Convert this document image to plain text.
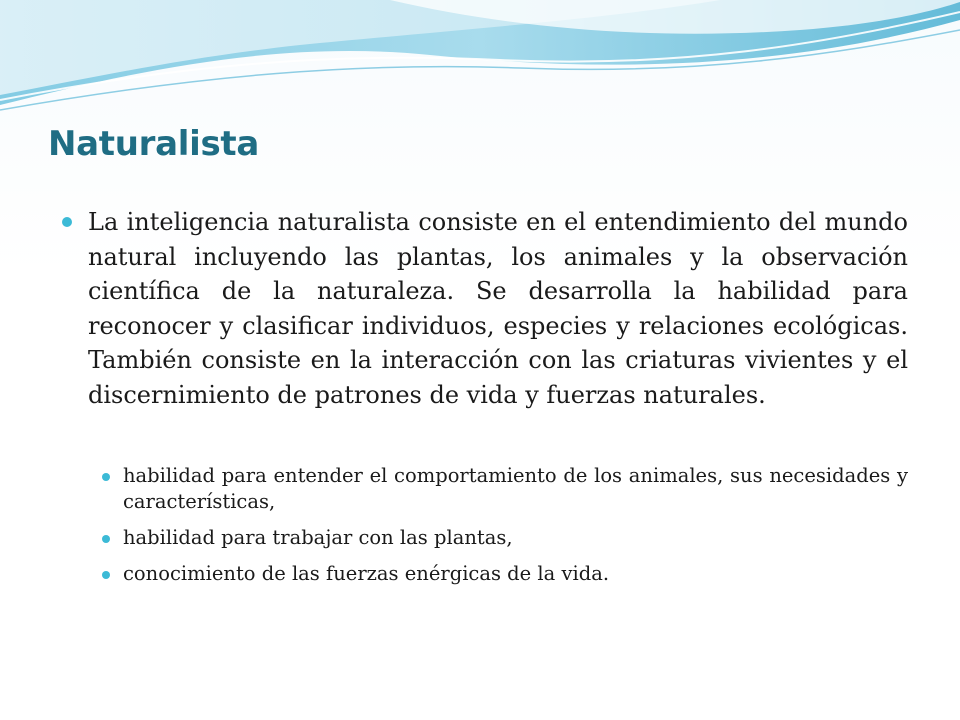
Naturalista

La inteligencia naturalista consiste en el entendimiento del mundo natural incluyendo las plantas, los animales y la observación científica de la naturaleza. Se desarrolla la habilidad para reconocer y clasificar individuos, especies y relaciones ecológicas. También consiste en la interacción con las criaturas vivientes y el discernimiento de patrones de vida y fuerzas naturales.

habilidad para entender el comportamiento de los animales, sus necesidades y características,
habilidad para trabajar con las plantas,
conocimiento de las fuerzas enérgicas de la vida.
